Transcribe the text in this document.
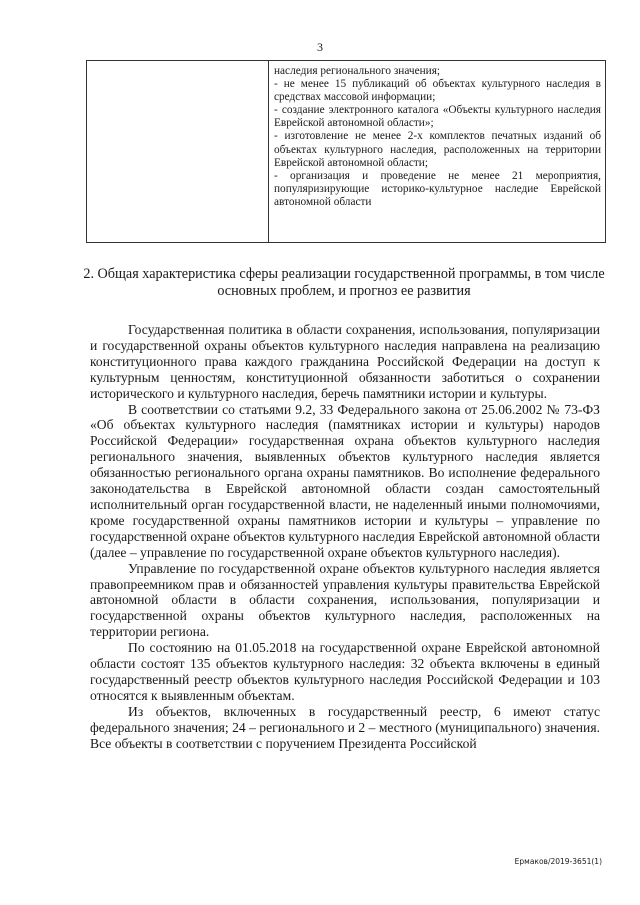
3

наследия регионального значения;

- не менее 15 публикаций об объектах культурного наследия в средствах массовой информации;

- создание электронного каталога «Объекты культурного наследия Еврейской автономной области»;

- изготовление не менее 2-х комплектов печатных изданий об объектах культурного наследия, расположенных на территории Еврейской автономной области;

- организация и проведение не менее 21 мероприятия, популяризирующие историко-культурное наследие Еврейской автономной области

2. Общая характеристика сферы реализации государственной программы, в том числе основных проблем, и прогноз ее развития

Государственная политика в области сохранения, использования, популяризации и государственной охраны объектов культурного наследия направлена на реализацию конституционного права каждого гражданина Российской Федерации на доступ к культурным ценностям, конституционной обязанности заботиться о сохранении исторического и культурного наследия, беречь памятники истории и культуры.

В соответствии со статьями 9.2, 33 Федерального закона от 25.06.2002 № 73-ФЗ «Об объектах культурного наследия (памятниках истории и культуры) народов Российской Федерации» государственная охрана объектов культурного наследия регионального значения, выявленных объектов культурного наследия является обязанностью регионального органа охраны памятников. Во исполнение федерального законодательства в Еврейской автономной области создан самостоятельный исполнительный орган государственной власти, не наделенный иными полномочиями, кроме государственной охраны памятников истории и культуры – управление по государственной охране объектов культурного наследия Еврейской автономной области (далее – управление по государственной охране объектов культурного наследия).

Управление по государственной охране объектов культурного наследия является правопреемником прав и обязанностей управления культуры правительства Еврейской автономной области в области сохранения, использования, популяризации и государственной охраны объектов культурного наследия, расположенных на территории региона.

По состоянию на 01.05.2018 на государственной охране Еврейской автономной области состоят 135 объектов культурного наследия: 32 объекта включены в единый государственный реестр объектов культурного наследия Российской Федерации и 103 относятся к выявленным объектам.

Из объектов, включенных в государственный реестр, 6 имеют статус федерального значения; 24 – регионального и 2 – местного (муниципального) значения. Все объекты в соответствии с поручением Президента Российской

Ермаков/2019-3651(1)
